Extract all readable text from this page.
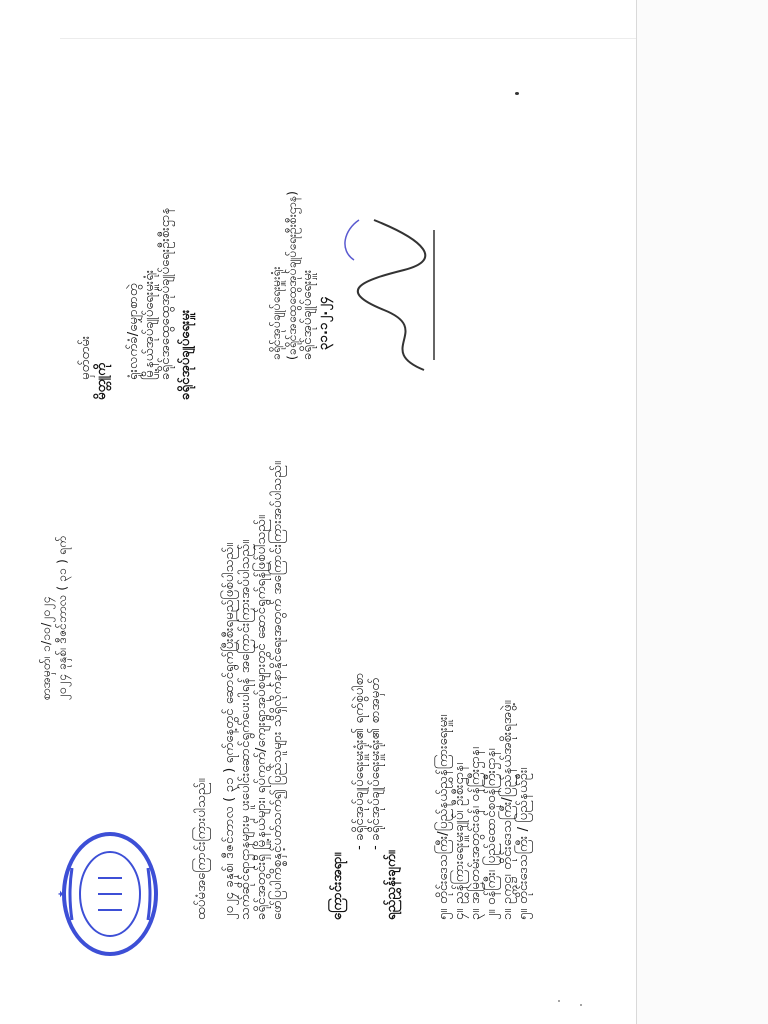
၅။ တိုင်းဒေသကြီး / ပြည်နယ်ဦး၊
၁။ ဥက္ကဋ္ဌ၊ တိုင်းဒေသကြီး/ပြည်နယ်အစိုးရအဖွဲ့။
၂။ ဝန်ကြီး၊ ပြည်ထောင်စုဝန်ကြီးဌာန၊
၃။ အမြဲတမ်းအတွင်းဝန်၊ ဝန်ကြီးဌာန၊
၄။ ညွှန်ကြားရေးမှူးချုပ်၊ ဦးစီးဌာန၊
၅။ တိုင်းဒေသကြီး/ပြည်နယ်ညွှန်ကြားရေးမှူး၊
ရည်ညွှန်းချက်။
- ခရိုင်အုပ်ချုပ်ရေးမှူးရုံး၏ စာအမှတ်
- ခရိုင်အုပ်ချုပ်ရေးမှူးရုံး၏ ရက်စွဲပါစာ
ကြောင်းအရာ။
ဖော်ပြပါကိစ္စနှင့်ပတ်သက်၍ ပြည်သူများ သိရှိလိုက်နာနိုင်ရေးအတွက် အကြောင်းကြားအပ်ပါသည်။
ခရိုင်အတွင်းရှိ မြို့နယ်များ၊ ရပ်ကွက်/ကျေးရွာအုပ်စုများတွင် ဆောင်ရွက်ရန်ဖြစ်ပါသည်။
သက်ဆိုင်ရာဌာနများမှ ပူးပေါင်းဆောင်ရွက်ပေးပါရန် အကြောင်းကြားအပ်ပါသည်။
၂၀၂၄ ခုနှစ်၊ ဒီဇင်ဘာလ ( ၃၁ ) ရက်နေ့တွင် ဆောင်ရွက်ပြီးစီးရမည်ဖြစ်ပါသည်။
ထပ်မံအကြောင်းကြားပါသည်။
၃၁.၁၂.၂၄
ခရိုင်အုပ်ချုပ်ရေးမှူး
(ခရိုင်အထွေထွေအုပ်ချုပ်ရေးဦးစီးဌာန)
ခရိုင်အုပ်ချုပ်ရေးမှူးရုံး
ခရိုင်အုပ်ချုပ်ရေးမှူး
ခရိုင်အထွေထွေအုပ်ချုပ်ရေးဦးစီးဌာန
မြို့နယ်အုပ်ချုပ်ရေးမှူးရုံး
ရုံးလက်ခံ/မျှောစာတွဲ
မိတ္တူကို
မှတ်တမ်း
၂၀၂၄ ခုနှစ်၊ ဒီဇင်ဘာလ ( ၃၁ ) ရက်
စာအမှတ်၊ ၁/၁၀/၂၀၂၄
★
